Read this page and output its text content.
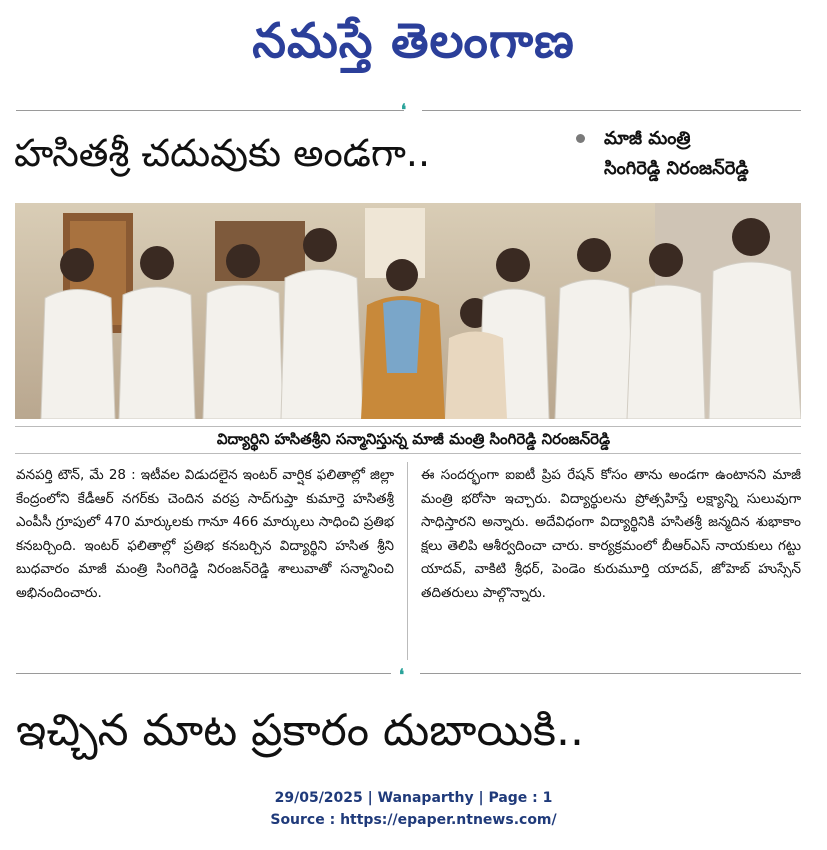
నమస్తే తెలంగాణ
❛
హసితశ్రీ చదువుకు అండగా..	మాజీ మంత్రి
సింగిరెడ్డి నిరంజన్‌రెడ్డి
విద్యార్థిని హసితశ్రీని సన్మానిస్తున్న మాజీ మంత్రి సింగిరెడ్డి నిరంజన్‌రెడ్డి

వనపర్తి టౌన్‌, మే 28 : ఇటీవల విడుదలైన ఇంటర్‌ వార్షిక ఫలితాల్లో జిల్లా కేంద్రంలోని కేడీఆర్‌ నగర్‌కు చెందిన వరప్ర సాద్‌గుప్తా కుమార్తె హసితశ్రీ ఎంపీసీ గ్రూపులో 470 మార్కులకు గానూ 466 మార్కులు సాధించి ప్రతిభ కనబర్చింది. ఇంటర్‌ ఫలితాల్లో ప్రతిభ కనబర్చిన విద్యార్థిని హసిత శ్రీని బుధవారం మాజీ మంత్రి సింగిరెడ్డి నిరంజన్‌రెడ్డి శాలువాతో సన్మానించి అభినందించారు.

ఈ సందర్భంగా ఐఐటీ ప్రిప రేషన్‌ కోసం తాను అండగా ఉంటానని మాజీ మంత్రి భరోసా ఇచ్చారు. విద్యార్థులను ప్రోత్సహిస్తే లక్ష్యాన్ని సులువుగా సాధిస్తారని అన్నారు. అదేవిధంగా విద్యార్థినికి హసితశ్రీ జన్మదిన శుభాకాం క్షలు తెలిపి ఆశీర్వదించా చారు. కార్యక్రమంలో బీఆర్‌ఎస్‌ నాయకులు గట్టు యాదవ్‌, వాకిటి శ్రీధర్‌, పెండెం కురుమూర్తి యాదవ్‌, జోహెబ్‌ హుస్సేన్‌ తదితరులు పాల్గొన్నారు.

❛
ఇచ్చిన మాట ప్రకారం దుబాయికి..
29/05/2025 | Wanaparthy | Page : 1
Source : https://epaper.ntnews.com/
